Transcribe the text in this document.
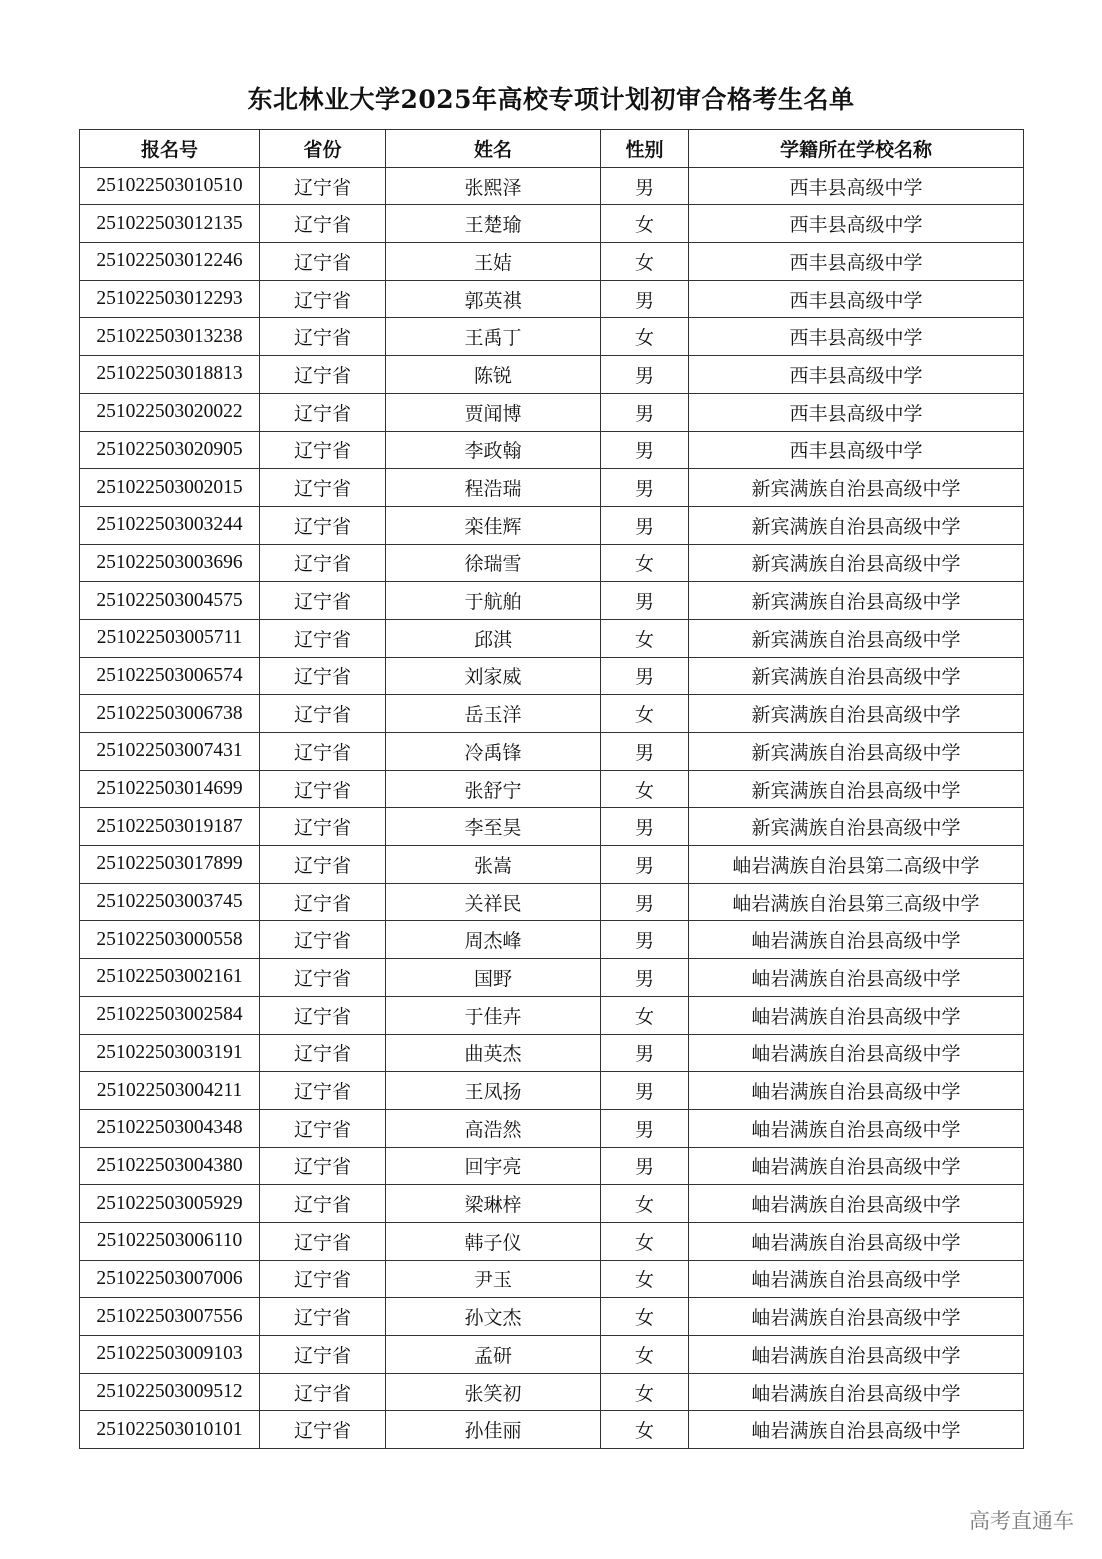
东北林业大学2025年高校专项计划初审合格考生名单
报名号	省份	姓名	性别	学籍所在学校名称
251022503010510	辽宁省	张熙泽	男	西丰县高级中学
251022503012135	辽宁省	王楚瑜	女	西丰县高级中学
251022503012246	辽宁省	王姞	女	西丰县高级中学
251022503012293	辽宁省	郭英祺	男	西丰县高级中学
251022503013238	辽宁省	王禹丁	女	西丰县高级中学
251022503018813	辽宁省	陈锐	男	西丰县高级中学
251022503020022	辽宁省	贾闻博	男	西丰县高级中学
251022503020905	辽宁省	李政翰	男	西丰县高级中学
251022503002015	辽宁省	程浩瑞	男	新宾满族自治县高级中学
251022503003244	辽宁省	栾佳辉	男	新宾满族自治县高级中学
251022503003696	辽宁省	徐瑞雪	女	新宾满族自治县高级中学
251022503004575	辽宁省	于航舶	男	新宾满族自治县高级中学
251022503005711	辽宁省	邱淇	女	新宾满族自治县高级中学
251022503006574	辽宁省	刘家威	男	新宾满族自治县高级中学
251022503006738	辽宁省	岳玉洋	女	新宾满族自治县高级中学
251022503007431	辽宁省	冷禹锋	男	新宾满族自治县高级中学
251022503014699	辽宁省	张舒宁	女	新宾满族自治县高级中学
251022503019187	辽宁省	李至昊	男	新宾满族自治县高级中学
251022503017899	辽宁省	张嵩	男	岫岩满族自治县第二高级中学
251022503003745	辽宁省	关祥民	男	岫岩满族自治县第三高级中学
251022503000558	辽宁省	周杰峰	男	岫岩满族自治县高级中学
251022503002161	辽宁省	国野	男	岫岩满族自治县高级中学
251022503002584	辽宁省	于佳卉	女	岫岩满族自治县高级中学
251022503003191	辽宁省	曲英杰	男	岫岩满族自治县高级中学
251022503004211	辽宁省	王凤扬	男	岫岩满族自治县高级中学
251022503004348	辽宁省	高浩然	男	岫岩满族自治县高级中学
251022503004380	辽宁省	回宇亮	男	岫岩满族自治县高级中学
251022503005929	辽宁省	梁琳梓	女	岫岩满族自治县高级中学
251022503006110	辽宁省	韩子仪	女	岫岩满族自治县高级中学
251022503007006	辽宁省	尹玉	女	岫岩满族自治县高级中学
251022503007556	辽宁省	孙文杰	女	岫岩满族自治县高级中学
251022503009103	辽宁省	孟研	女	岫岩满族自治县高级中学
251022503009512	辽宁省	张笑初	女	岫岩满族自治县高级中学
251022503010101	辽宁省	孙佳丽	女	岫岩满族自治县高级中学
高考直通车
